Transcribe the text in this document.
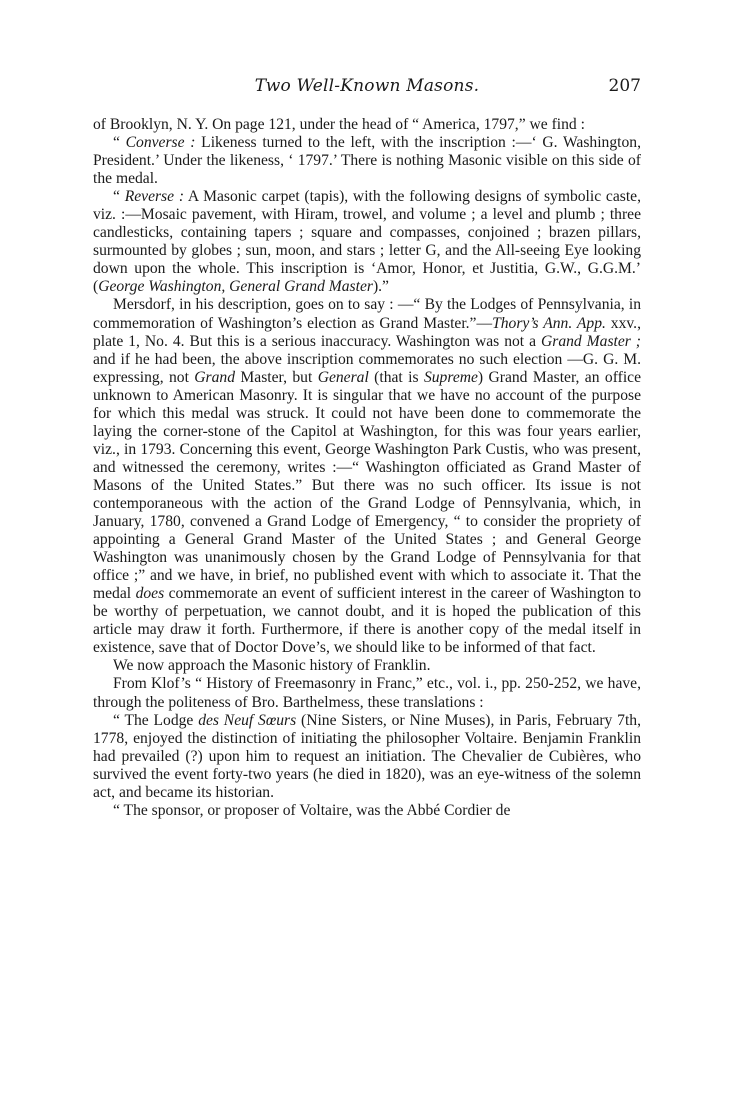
Two Well-Known Masons.	207

of Brooklyn, N. Y. On page 121, under the head of “ America, 1797,” we find :

“ Converse : Likeness turned to the left, with the inscription :—‘ G. Washington, President.’ Under the likeness, ‘ 1797.’ There is nothing Masonic visible on this side of the medal.

“ Reverse : A Masonic carpet (tapis), with the following designs of symbolic caste, viz. :—Mosaic pavement, with Hiram, trowel, and volume ; a level and plumb ; three candlesticks, containing tapers ; square and compasses, conjoined ; brazen pillars, surmounted by globes ; sun, moon, and stars ; letter G, and the All-seeing Eye looking down upon the whole. This inscription is ‘Amor, Honor, et Justitia, G.W., G.G.M.’ (George Washington, General Grand Master).”

Mersdorf, in his description, goes on to say : —“ By the Lodges of Pennsylvania, in commemoration of Washington’s election as Grand Master.”—Thory’s Ann. App. xxv., plate 1, No. 4. But this is a serious inaccuracy. Washington was not a Grand Master ; and if he had been, the above inscription commemorates no such election —G. G. M. expressing, not Grand Master, but General (that is Supreme) Grand Master, an office unknown to American Masonry. It is singular that we have no account of the purpose for which this medal was struck. It could not have been done to commemorate the laying the corner-stone of the Capitol at Washington, for this was four years earlier, viz., in 1793. Concerning this event, George Washington Park Custis, who was present, and witnessed the ceremony, writes :—“ Washington officiated as Grand Master of Masons of the United States.” But there was no such officer. Its issue is not contemporaneous with the action of the Grand Lodge of Pennsylvania, which, in January, 1780, convened a Grand Lodge of Emergency, “ to consider the propriety of appointing a General Grand Master of the United States ; and General George Washington was unanimously chosen by the Grand Lodge of Pennsylvania for that office ;” and we have, in brief, no published event with which to associate it. That the medal does commemorate an event of sufficient interest in the career of Washington to be worthy of perpetuation, we cannot doubt, and it is hoped the publication of this article may draw it forth. Furthermore, if there is another copy of the medal itself in existence, save that of Doctor Dove’s, we should like to be informed of that fact.

We now approach the Masonic history of Franklin.

From Klof’s “ History of Freemasonry in Franc,” etc., vol. i., pp. 250-252, we have, through the politeness of Bro. Barthelmess, these translations :

“ The Lodge des Neuf Sœurs (Nine Sisters, or Nine Muses), in Paris, February 7th, 1778, enjoyed the distinction of initiating the philosopher Voltaire. Benjamin Franklin had prevailed (?) upon him to request an initiation. The Chevalier de Cubières, who survived the event forty-two years (he died in 1820), was an eye-witness of the solemn act, and became its historian.

“ The sponsor, or proposer of Voltaire, was the Abbé Cordier de
